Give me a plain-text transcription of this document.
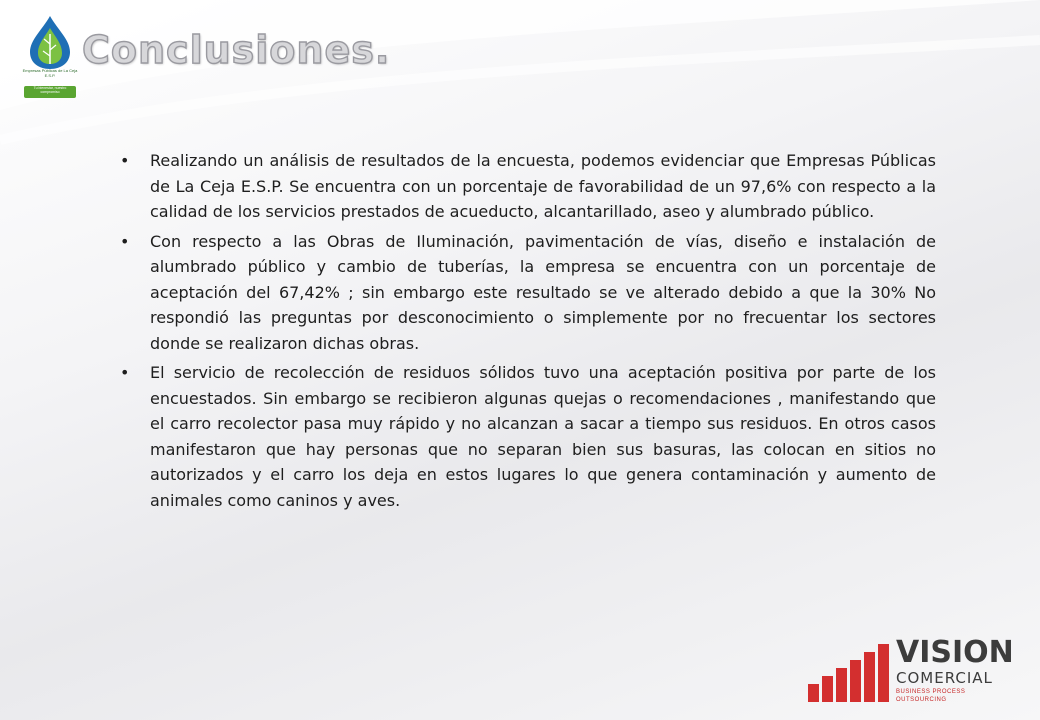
Empresas Públicas de La Ceja E.S.P.
Tu bienestar, nuestro compromiso
Conclusiones.
• Realizando un análisis de resultados de la encuesta, podemos evidenciar que Empresas Públicas de La Ceja E.S.P. Se encuentra con un porcentaje de favorabilidad de un 97,6% con respecto a la calidad de los servicios prestados de acueducto, alcantarillado, aseo y alumbrado público.
• Con respecto a las Obras de Iluminación, pavimentación de vías, diseño e instalación de alumbrado público y cambio de tuberías, la empresa se encuentra con un porcentaje de aceptación del 67,42% ; sin embargo este resultado se ve alterado debido a que la 30% No respondió las preguntas por desconocimiento o simplemente por no frecuentar los sectores donde se realizaron dichas obras.
• El servicio de recolección de residuos sólidos tuvo una aceptación positiva por parte de los encuestados. Sin embargo se recibieron algunas quejas o recomendaciones , manifestando que el carro recolector pasa muy rápido y no alcanzan a sacar a tiempo sus residuos. En otros casos manifestaron que hay personas que no separan bien sus basuras, las colocan en sitios no autorizados y el carro los deja en estos lugares lo que genera contaminación y aumento de animales como caninos y aves.
VISION
COMERCIAL
BUSINESS PROCESS OUTSOURCING
